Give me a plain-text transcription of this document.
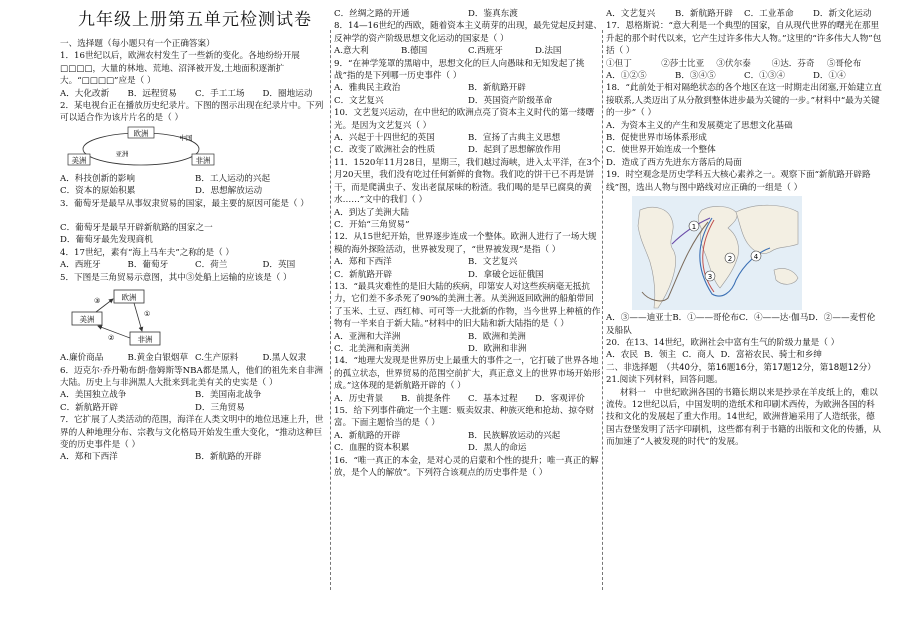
九年级上册第五单元检测试卷

一、选择题（每小题只有一个正确答案）

1．16世纪以后，欧洲农村发生了一些新的变化。各地纷纷开展□□□□，大量的林地、荒地、沼泽被开发,土地面积逐渐扩大。“□□□□”应是（ ）

A．大化改新	B．远程贸易	C．手工工场	D．圈地运动

2．某电视台正在播放历史纪录片。下图的图示出现在纪录片中。下列可以适合作为该片片名的是（ ）

欧洲
美洲	非洲
中国
亚洲
A．科技创新的影响	B．工人运动的兴起
C．资本的原始积累	D．思想解放运动

3．葡萄牙是最早从事奴隶贸易的国家，最主要的原因可能是（ ）

C．葡萄牙是最早开辟新航路的国家之一

D．葡萄牙最先发现商机

4．17世纪，素有“海上马车夫”之称的是（ ）

A．西班牙	B．葡萄牙	C．荷兰	D．英国

5．下图是三角贸易示意图，其中③处船上运输的应该是（ ）

欧洲
美洲
非洲
①
②
③
A.廉价商品	B.黄金白银烟草 C.生产原料	D.黑人奴隶

6．迈克尔·乔丹勒布朗·詹姆斯等NBA都是黑人，他们的祖先来自非洲大陆。历史上与非洲黑人大批来到北美有关的史实是（ ）

A．美国独立战争	B．美国南北战争
C．新航路开辟	D．三角贸易

7．它扩展了人类活动的范围，海洋在人类文明中的地位迅速上升，世界的人种地理分布、宗教与文化格局开始发生重大变化，“推动这种巨变的历史事件是（ ）

A．郑和下西洋	B．新航路的开辟
C．丝绸之路的开通	D．鉴真东渡

8．14—16世纪的西欧，随着资本主义萌芽的出现，最先觉起反封建、反神学的资产阶级思想文化运动的国家是（ ）

A.意大利	B.德国	C.西班牙	D.法国

9．“在神学笼罩的黑暗中，思想文化的巨人向愚昧和无知发起了挑战”指的是下列哪一历史事件（ ）

A．雅典民主政治	B．新航路开辟
C．文艺复兴	D．英国资产阶级革命

10．文艺复兴运动，在中世纪的欧洲点亮了资本主义时代的第一缕曙光。是因为文艺复兴（ ）

A．兴起于十四世纪的英国	B．宣扬了古典主义思想
C．改变了欧洲社会的性质	D．起到了思想解放作用

11．1520年11月28日，星期三，我们越过海峡，进入太平洋，在3个月20天里，我们没有吃过任何新鲜的食物。我们吃的饼干已不再是饼干，而是爬满虫子、发出老鼠尿味的粉渣。我们喝的是早已腐臭的黄水……”文中的我们（ ）

A．到达了美洲大陆

C．开始“三角贸易”

12．从15世纪开始，世界逐步连成一个整体。欧洲人进行了一场大规模的海外探险活动，世界被发现了，“世界被发现”是指（ ）

A．郑和下西洋	B．文艺复兴
C．新航路开辟	D．拿破仑远征俄国

13．“最具灾难性的是旧大陆的疾病，印第安人对这些疾病毫无抵抗力，它们差不多杀死了90%的美洲土著。从美洲返回欧洲的船舶带回了玉米、土豆、西红柿、可可等一大批新的作物，当今世界上种植的作物有一半来自于新大陆。”材料中的旧大陆和新大陆指的是（ ）

A．亚洲和大洋洲	B．欧洲和美洲
C．北美洲和南美洲	D．欧洲和非洲

14．“地理大发现是世界历史上最重大的事件之一，它打破了世界各地的孤立状态，世界贸易的范围空前扩大，真正意义上的世界市场开始形成。”这体现的是新航路开辟的（ ）

A．历史背景	B．前提条件	C．基本过程	D．客观评价

15．给下列事件确定一个主题：贩卖奴隶、种族灭绝和抢劫、掠夺财富。下面主题恰当的是（ ）

A．新航路的开辟	B．民族解放运动的兴起
C．血腥的资本积累	D．黑人的命运

16．“唯一真正的本金，是对心灵的启蒙和个性的提升；唯一真正的解放，是个人的解放”。下列符合该观点的历史事件是（ ）

A．文艺复兴	B．新航路开辟	C．工业革命	D．新文化运动

17．恩格斯说：“意大利是一个典型的国家，自从现代世界的曙光在那里升起的那个时代以来，它产生过许多伟大人物。”这里的“许多伟大人物”包括（ ）

①但丁	②莎士比亚	③伏尔泰	④达．芬奇	⑤哥伦布
A．①②⑤	B．③④⑤	C．①③④	D．①④

18．“此前处于相对隔绝状态的各个地区在这一时期走出闭塞,开始建立直接联系,人类迈出了从分散到整体进步最为关键的一步。”材料中“最为关键的一步”（ ）

A．为资本主义的产生和发展奠定了思想文化基础

B．促使世界市场体系形成

C．使世界开始连成一个整体

D．造成了西方先进东方落后的局面

19．时空观念是历史学科五大核心素养之一。观察下面“新航路开辟路线”图，选出人物与图中路线对应正确的一组是（ ）

1
2
3
4

A．③——迪亚士B．①——哥伦布C．④——达·伽马D．②——麦哲伦及船队

20．在13、14世纪，欧洲社会中富有生气的阶级力量是（ ）

A．农民 B．领主 C．商人 D．富裕农民、骑士和乡绅

二、非选择题　（共40分，第16题16分，第17题12分，第18题12分）

21.阅读下列材料，回答问题。

材料一　中世纪欧洲各国的书籍长期以来是抄录在羊皮纸上的，难以流传。12世纪以后，中国发明的造纸术和印刷术西传，为欧洲各国的科技和文化的发展起了重大作用。14世纪，欧洲普遍采用了人造纸张，德国古登堡发明了活字印刷机，这些都有利于书籍的出版和文化的传播，从而加速了“人被发现的时代”的发展。
